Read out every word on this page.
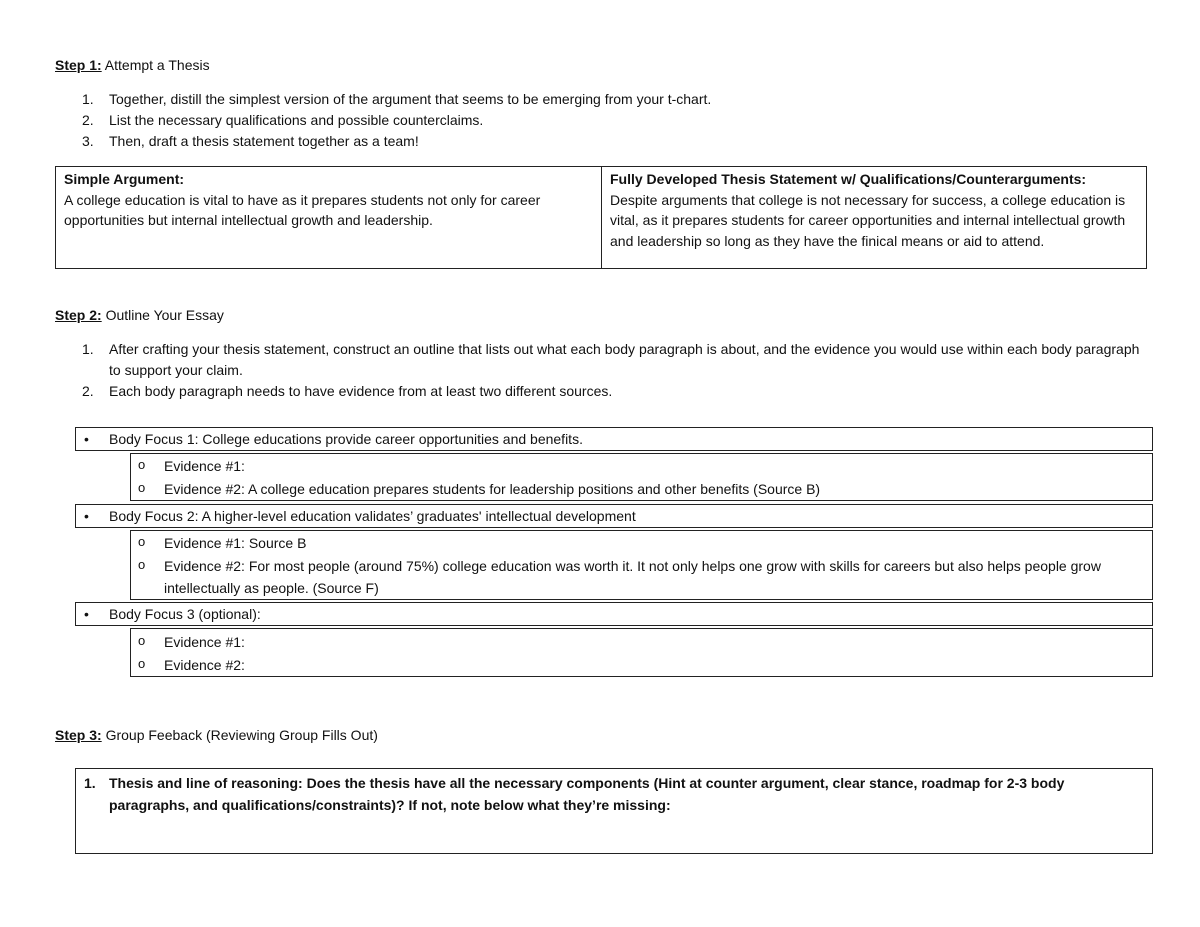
Step 1: Attempt a Thesis
1. Together, distill the simplest version of the argument that seems to be emerging from your t-chart.
2. List the necessary qualifications and possible counterclaims.
3. Then, draft a thesis statement together as a team!
Simple Argument:
A college education is vital to have as it prepares students not only for career opportunities but internal intellectual growth and leadership.

Fully Developed Thesis Statement w/ Qualifications/Counterarguments:
Despite arguments that college is not necessary for success, a college education is vital, as it prepares students for career opportunities and internal intellectual growth and leadership so long as they have the finical means or aid to attend.
Step 2: Outline Your Essay
1. After crafting your thesis statement, construct an outline that lists out what each body paragraph is about, and the evidence you would use within each body paragraph to support your claim.
2. Each body paragraph needs to have evidence from at least two different sources.
• Body Focus 1: College educations provide career opportunities and benefits.
o Evidence #1:
o Evidence #2: A college education prepares students for leadership positions and other benefits (Source B)
• Body Focus 2: A higher-level education validates’ graduates' intellectual development
o Evidence #1: Source B
o Evidence #2: For most people (around 75%) college education was worth it. It not only helps one grow with skills for careers but also helps people grow intellectually as people. (Source F)
• Body Focus 3 (optional):
o Evidence #1:
o Evidence #2:
Step 3: Group Feeback (Reviewing Group Fills Out)
1. Thesis and line of reasoning: Does the thesis have all the necessary components (Hint at counter argument, clear stance, roadmap for 2-3 body paragraphs, and qualifications/constraints)? If not, note below what they’re missing:
